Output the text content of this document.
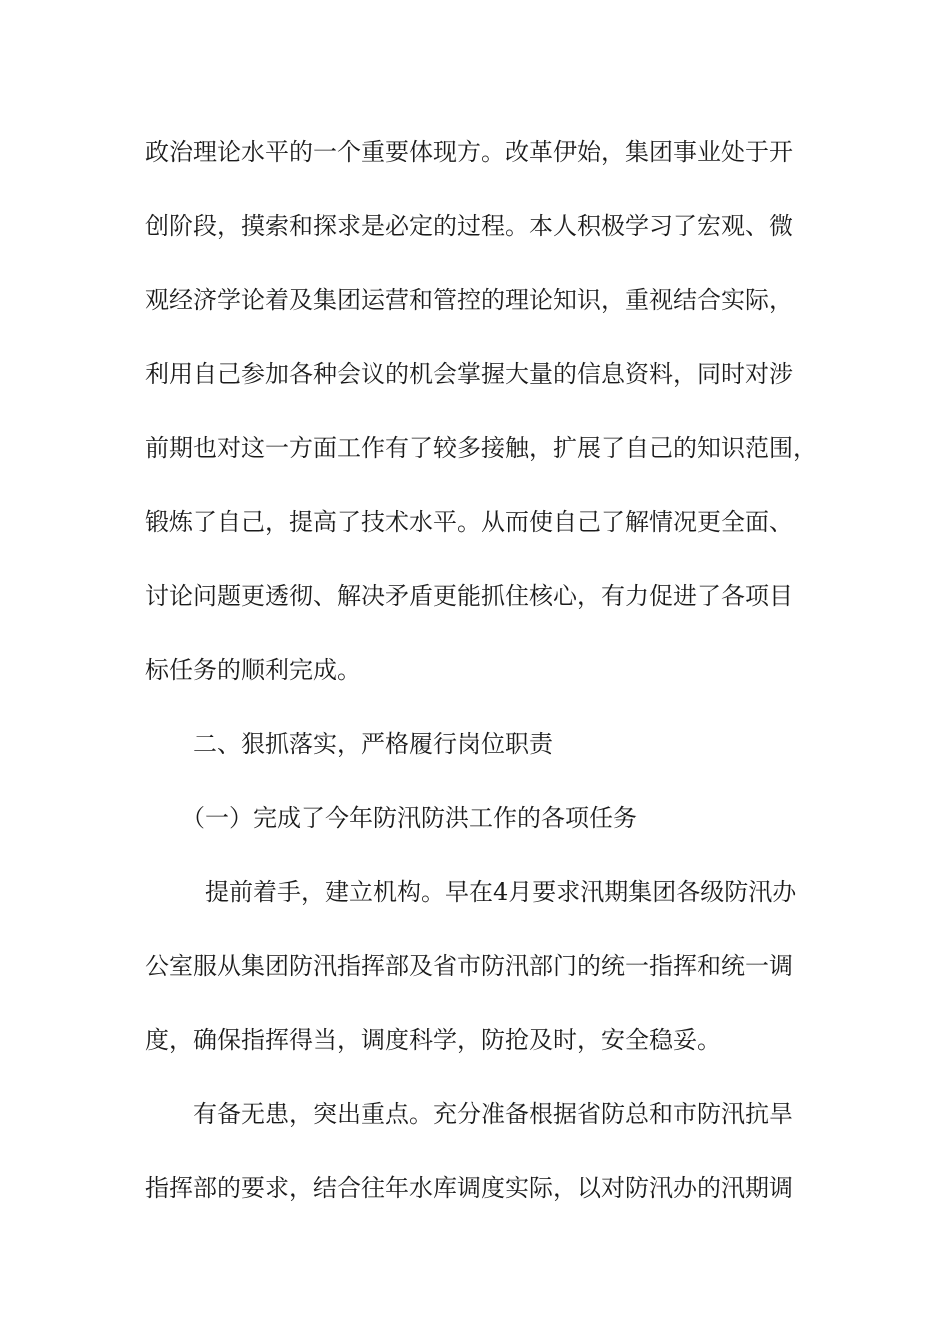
政治理论水平的一个重要体现方。改革伊始，集团事业处于开
创阶段，摸索和探求是必定的过程。本人积极学习了宏观、微
观经济学论着及集团运营和管控的理论知识，重视结合实际，
利用自己参加各种会议的机会掌握大量的信息资料，同时对涉
前期也对这一方面工作有了较多接触，扩展了自己的知识范围，
锻炼了自己，提高了技术水平。从而使自己了解情况更全面、
讨论问题更透彻、解决矛盾更能抓住核心，有力促进了各项目
标任务的顺利完成。
二、狠抓落实，严格履行岗位职责
（一）完成了今年防汛防洪工作的各项任务
提前着手，建立机构。早在4月要求汛期集团各级防汛办
公室服从集团防汛指挥部及省市防汛部门的统一指挥和统一调
度，确保指挥得当，调度科学，防抢及时，安全稳妥。
有备无患，突出重点。充分准备根据省防总和市防汛抗旱
指挥部的要求，结合往年水库调度实际，以对防汛办的汛期调
